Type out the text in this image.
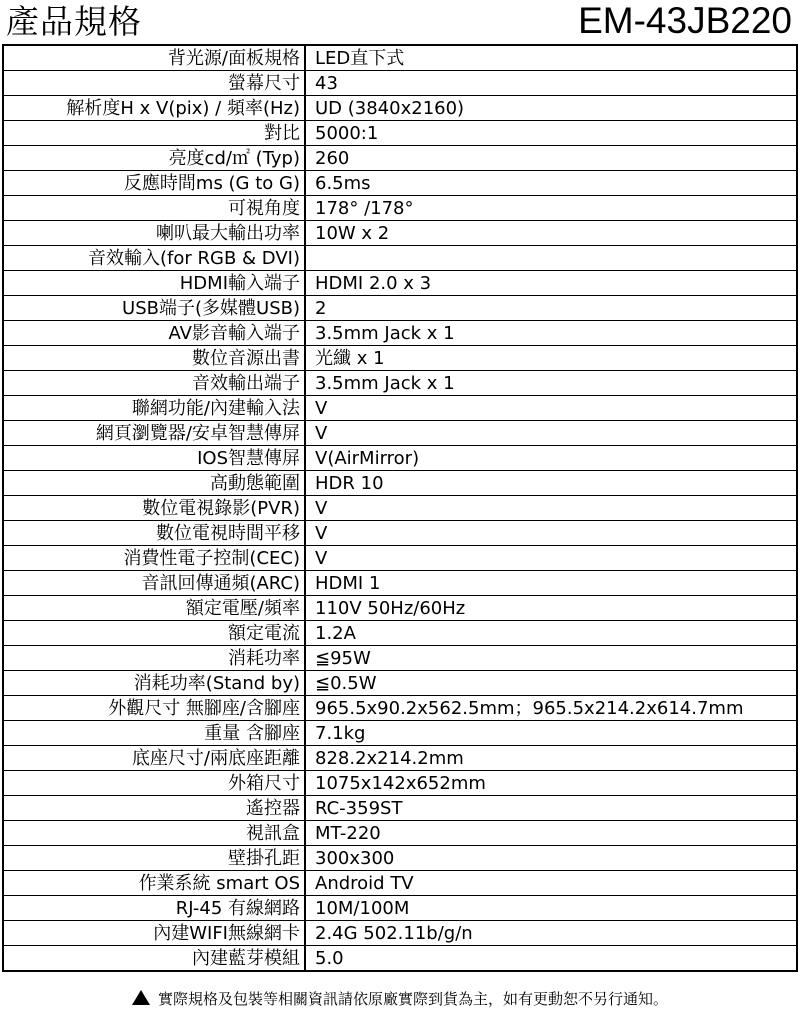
產品規格	EM-43JB220
背光源/面板規格 LED直下式
螢幕尺寸 43
解析度H x V(pix) / 頻率(Hz) UD (3840x2160)
對比 5000:1
亮度cd/㎡ (Typ) 260
反應時間ms (G to G) 6.5ms
可視角度 178° /178°
喇叭最大輸出功率 10W x 2
音效輸入(for RGB & DVI)
HDMI輸入端子 HDMI 2.0 x 3
USB端子(多媒體USB) 2
AV影音輸入端子 3.5mm Jack x 1
數位音源出書 光纖 x 1
音效輸出端子 3.5mm Jack x 1
聯網功能/內建輸入法 V
網頁瀏覽器/安卓智慧傳屏 V
IOS智慧傳屏 V(AirMirror)
高動態範圍 HDR 10
數位電視錄影(PVR) V
數位電視時間平移 V
消費性電子控制(CEC) V
音訊回傳通頻(ARC) HDMI 1
額定電壓/頻率 110V 50Hz/60Hz
額定電流 1.2A
消耗功率 ≦95W
消耗功率(Stand by) ≦0.5W
外觀尺寸 無腳座/含腳座 965.5x90.2x562.5mm；965.5x214.2x614.7mm
重量 含腳座 7.1kg
底座尺寸/兩底座距離 828.2x214.2mm
外箱尺寸 1075x142x652mm
遙控器 RC-359ST
視訊盒 MT-220
壁掛孔距 300x300
作業系統 smart OS Android TV
RJ-45 有線網路 10M/100M
內建WIFI無線網卡 2.4G 502.11b/g/n
內建藍芽模組 5.0
實際規格及包裝等相關資訊請依原廠實際到貨為主，如有更動恕不另行通知。
